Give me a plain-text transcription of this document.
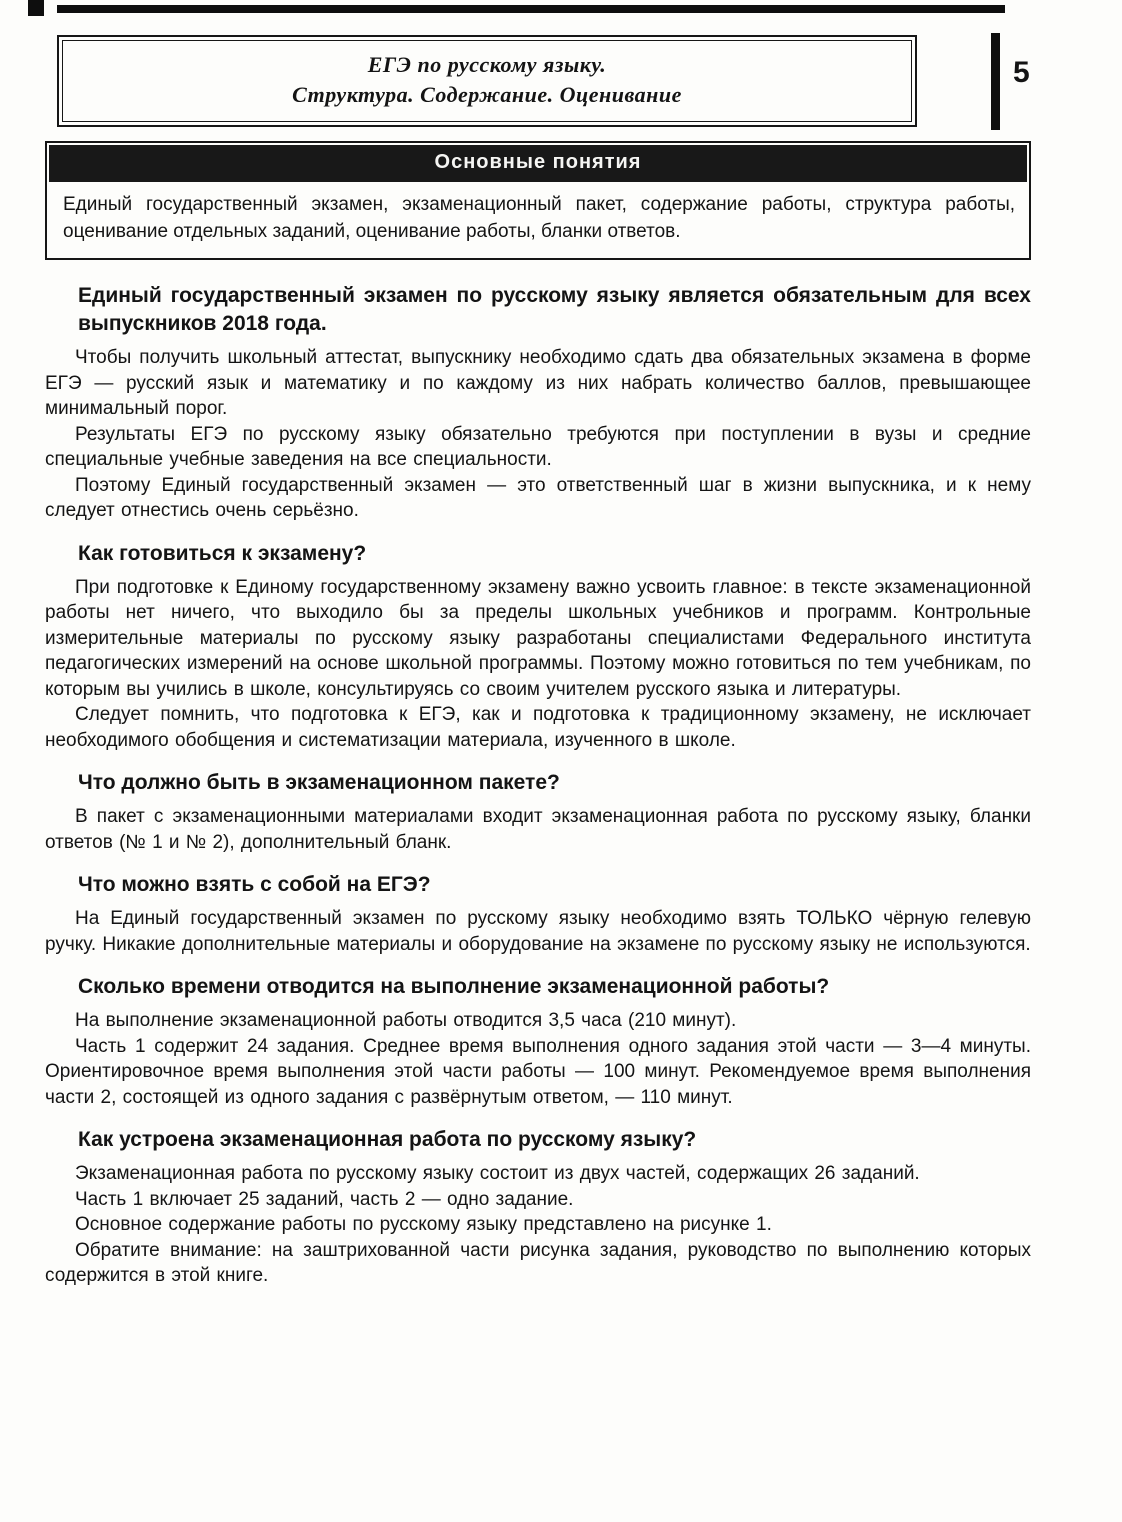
ЕГЭ по русскому языку.
Структура. Содержание. Оценивание
5
Основные понятия
Единый государственный экзамен, экзаменационный пакет, содержание работы, структура работы, оценивание отдельных заданий, оценивание работы, бланки ответов.
Единый государственный экзамен по русскому языку является обязательным для всех выпускников 2018 года.

Чтобы получить школьный аттестат, выпускнику необходимо сдать два обязательных экзамена в форме ЕГЭ — русский язык и математику и по каждому из них набрать количество баллов, превышающее минимальный порог.

Результаты ЕГЭ по русскому языку обязательно требуются при поступлении в вузы и средние специальные учебные заведения на все специальности.

Поэтому Единый государственный экзамен — это ответственный шаг в жизни выпускника, и к нему следует отнестись очень серьёзно.

Как готовиться к экзамену?

При подготовке к Единому государственному экзамену важно усвоить главное: в тексте экзаменационной работы нет ничего, что выходило бы за пределы школьных учебников и программ. Контрольные измерительные материалы по русскому языку разработаны специалистами Федерального института педагогических измерений на основе школьной программы. Поэтому можно готовиться по тем учебникам, по которым вы учились в школе, консультируясь со своим учителем русского языка и литературы.

Следует помнить, что подготовка к ЕГЭ, как и подготовка к традиционному экзамену, не исключает необходимого обобщения и систематизации материала, изученного в школе.

Что должно быть в экзаменационном пакете?

В пакет с экзаменационными материалами входит экзаменационная работа по русскому языку, бланки ответов (№ 1 и № 2), дополнительный бланк.

Что можно взять с собой на ЕГЭ?

На Единый государственный экзамен по русскому языку необходимо взять ТОЛЬКО чёрную гелевую ручку. Никакие дополнительные материалы и оборудование на экзамене по русскому языку не используются.

Сколько времени отводится на выполнение экзаменационной работы?

На выполнение экзаменационной работы отводится 3,5 часа (210 минут).

Часть 1 содержит 24 задания. Среднее время выполнения одного задания этой части — 3—4 минуты. Ориентировочное время выполнения этой части работы — 100 минут. Рекомендуемое время выполнения части 2, состоящей из одного задания с развёрнутым ответом, — 110 минут.

Как устроена экзаменационная работа по русскому языку?

Экзаменационная работа по русскому языку состоит из двух частей, содержащих 26 заданий.

Часть 1 включает 25 заданий, часть 2 — одно задание.

Основное содержание работы по русскому языку представлено на рисунке 1.

Обратите внимание: на заштрихованной части рисунка задания, руководство по выполнению которых содержится в этой книге.
